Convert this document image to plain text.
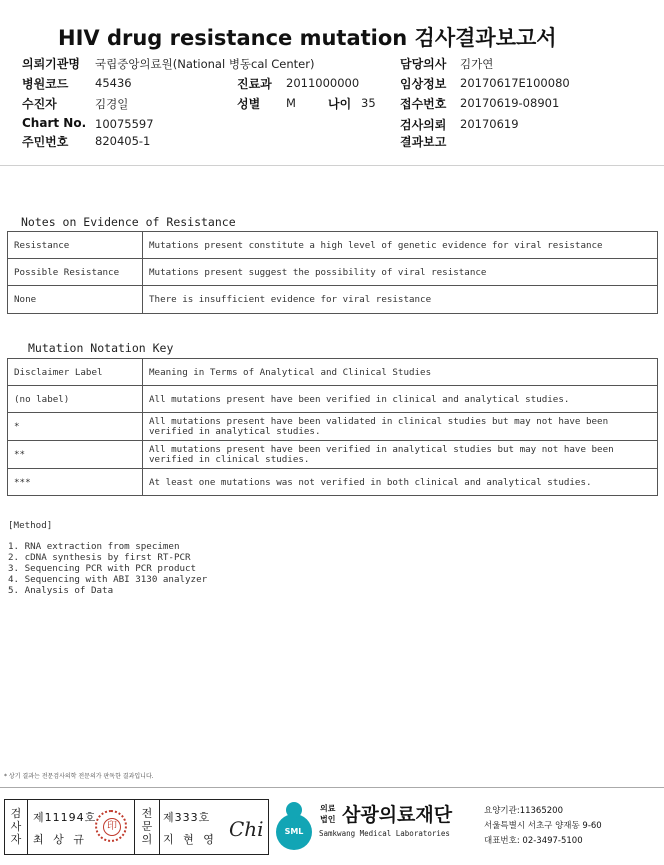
HIV drug resistance mutation 검사결과보고서
의뢰기관명 국립중앙의료원(National 병동cal Center)	담당의사 김가연
병원코드 45436	진료과 2011000000	임상정보 20170617E100080
수진자	김경일	성별 M	나이 35 접수번호 20170619-08901
Chart No. 10075597	검사의뢰 20170619
주민번호 820405-1	결과보고
Notes on Evidence of Resistance
Resistance	Mutations present constitute a high level of genetic evidence for viral resistance
Possible Resistance	Mutations present suggest the possibility of viral resistance
None	There is insufficient evidence for viral resistance
Mutation Notation Key
Disclaimer Label	Meaning in Terms of Analytical and Clinical Studies
(no label)	All mutations present have been verified in clinical and analytical studies.
*	All mutations present have been validated in clinical studies but may not have been verified in analytical studies.
**	All mutations present have been verified in analytical studies but may not have been verified in clinical studies.
***	At least one mutations was not verified in both clinical and analytical studies.
[Method]
1. RNA extraction from specimen
2. cDNA synthesis by first RT-PCR
3. Sequencing PCR with PCR product
4. Sequencing with ABI 3130 analyzer
5. Analysis of Data
* 상기 결과는 전문검사의학 전문의가 판독한 결과입니다.
검사자
제11194호
최 상 규
印
전문의
제333호
지 현 영 Chi	SML
의료
법인 삼광의료재단
Samkwang Medical Laboratories
요양기관:11365200
서울특별시 서초구 양재동 9-60
대표번호: 02-3497-5100
